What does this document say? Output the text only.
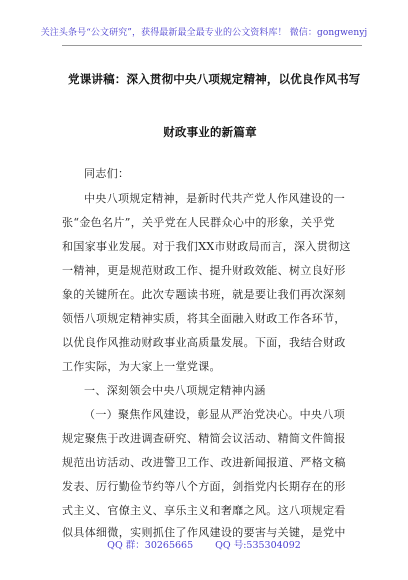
关注头条号“公文研究”，获得最新最全最专业的公文资料库！ 微信：gongwenyj
党课讲稿：深入贯彻中央八项规定精神，以优良作风书写
财政事业的新篇章
同志们：
中央八项规定精神，是新时代共产党人作风建设的一
张“金色名片”，关乎党在人民群众心中的形象，关乎党
和国家事业发展。对于我们XX市财政局而言，深入贯彻这
一精神，更是规范财政工作、提升财政效能、树立良好形
象的关键所在。此次专题读书班，就是要让我们再次深刻
领悟八项规定精神实质，将其全面融入财政工作各环节，
以优良作风推动财政事业高质量发展。下面，我结合财政
工作实际，为大家上一堂党课。
一、深刻领会中央八项规定精神内涵
（一）聚焦作风建设，彰显从严治党决心。中央八项
规定聚焦于改进调查研究、精简会议活动、精简文件简报
规范出访活动、改进警卫工作、改进新闻报道、严格文稿
发表、厉行勤俭节约等八个方面，剑指党内长期存在的形
式主义、官僚主义、享乐主义和奢靡之风。这八项规定看
似具体细微，实则抓住了作风建设的要害与关键，是党中
QQ 群：30265665 QQ 号:535304092
